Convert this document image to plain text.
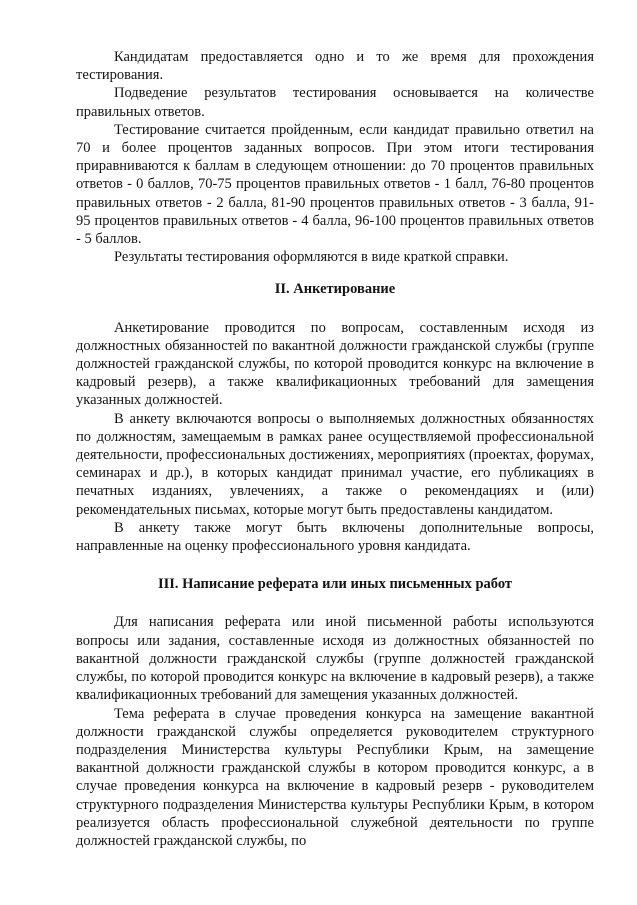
Кандидатам предоставляется одно и то же время для прохождения тестирования.

Подведение результатов тестирования основывается на количестве правильных ответов.

Тестирование считается пройденным, если кандидат правильно ответил на 70 и более процентов заданных вопросов. При этом итоги тестирования приравниваются к баллам в следующем отношении: до 70 процентов правильных ответов - 0 баллов, 70-75 процентов правильных ответов - 1 балл, 76-80 процентов правильных ответов - 2 балла, 81-90 процентов правильных ответов - 3 балла, 91-95 процентов правильных ответов - 4 балла, 96-100 процентов правильных ответов - 5 баллов.

Результаты тестирования оформляются в виде краткой справки.

II. Анкетирование

Анкетирование проводится по вопросам, составленным исходя из должностных обязанностей по вакантной должности гражданской службы (группе должностей гражданской службы, по которой проводится конкурс на включение в кадровый резерв), а также квалификационных требований для замещения указанных должностей.

В анкету включаются вопросы о выполняемых должностных обязанностях по должностям, замещаемым в рамках ранее осуществляемой профессиональной деятельности, профессиональных достижениях, мероприятиях (проектах, форумах, семинарах и др.), в которых кандидат принимал участие, его публикациях в печатных изданиях, увлечениях, а также о рекомендациях и (или) рекомендательных письмах, которые могут быть предоставлены кандидатом.

В анкету также могут быть включены дополнительные вопросы, направленные на оценку профессионального уровня кандидата.

III. Написание реферата или иных письменных работ

Для написания реферата или иной письменной работы используются вопросы или задания, составленные исходя из должностных обязанностей по вакантной должности гражданской службы (группе должностей гражданской службы, по которой проводится конкурс на включение в кадровый резерв), а также квалификационных требований для замещения указанных должностей.

Тема реферата в случае проведения конкурса на замещение вакантной должности гражданской службы определяется руководителем структурного подразделения Министерства культуры Республики Крым, на замещение вакантной должности гражданской службы в котором проводится конкурс, а в случае проведения конкурса на включение в кадровый резерв - руководителем структурного подразделения Министерства культуры Республики Крым, в котором реализуется область профессиональной служебной деятельности по группе должностей гражданской службы, по
